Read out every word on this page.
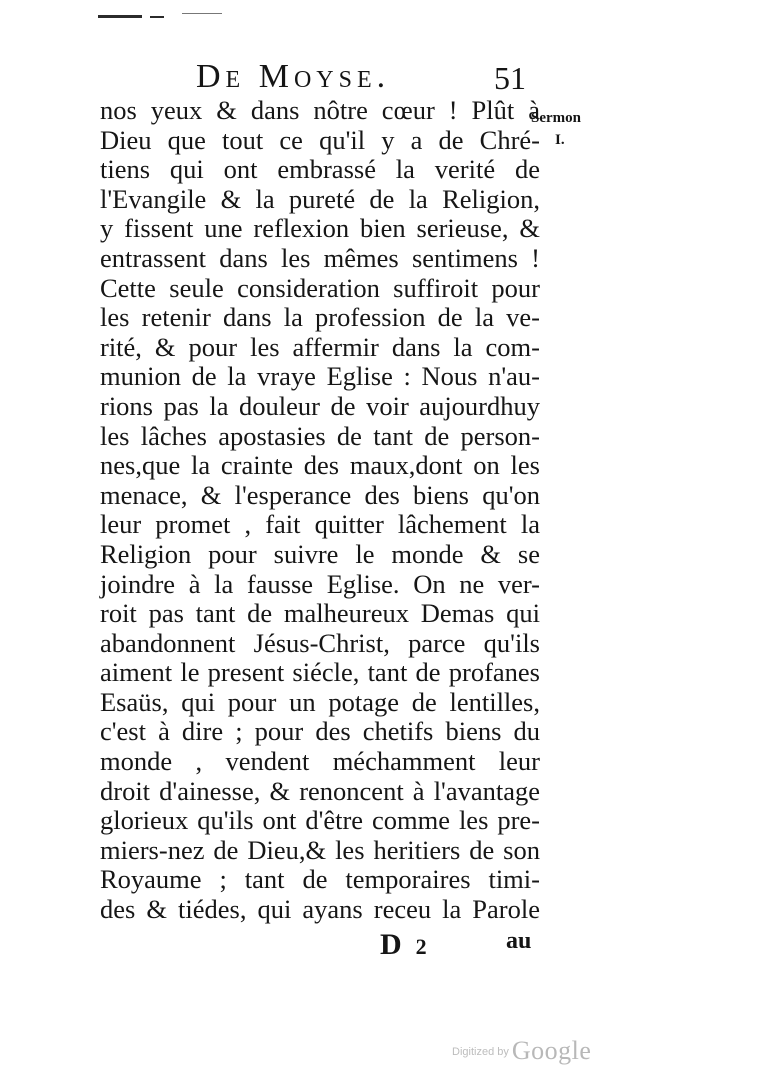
De Moyse.	51
Sermon
I.
nos yeux & dans nôtre cœur ! Plût à
Dieu que tout ce qu'il y a de Chré-
tiens qui ont embrassé la verité de
l'Evangile & la pureté de la Religion,
y fissent une reflexion bien serieuse, &
entrassent dans les mêmes sentimens !
Cette seule consideration suffiroit pour
les retenir dans la profession de la ve-
rité, & pour les affermir dans la com-
munion de la vraye Eglise : Nous n'au-
rions pas la douleur de voir aujourdhuy
les lâches apostasies de tant de person-
nes,que la crainte des maux,dont on les
menace, & l'esperance des biens qu'on
leur promet , fait quitter lâchement la
Religion pour suivre le monde & se
joindre à la fausse Eglise. On ne ver-
roit pas tant de malheureux Demas qui
abandonnent Jésus-Christ, parce qu'ils
aiment le present siécle, tant de profanes
Esaüs, qui pour un potage de lentilles,
c'est à dire ; pour des chetifs biens du
monde , vendent méchamment leur
droit d'ainesse, & renoncent à l'avantage
glorieux qu'ils ont d'être comme les pre-
miers-nez de Dieu,& les heritiers de son
Royaume ; tant de temporaires timi-
des & tiédes, qui ayans receu la Parole
D 2	au
$^{Digitized by}$ Google
